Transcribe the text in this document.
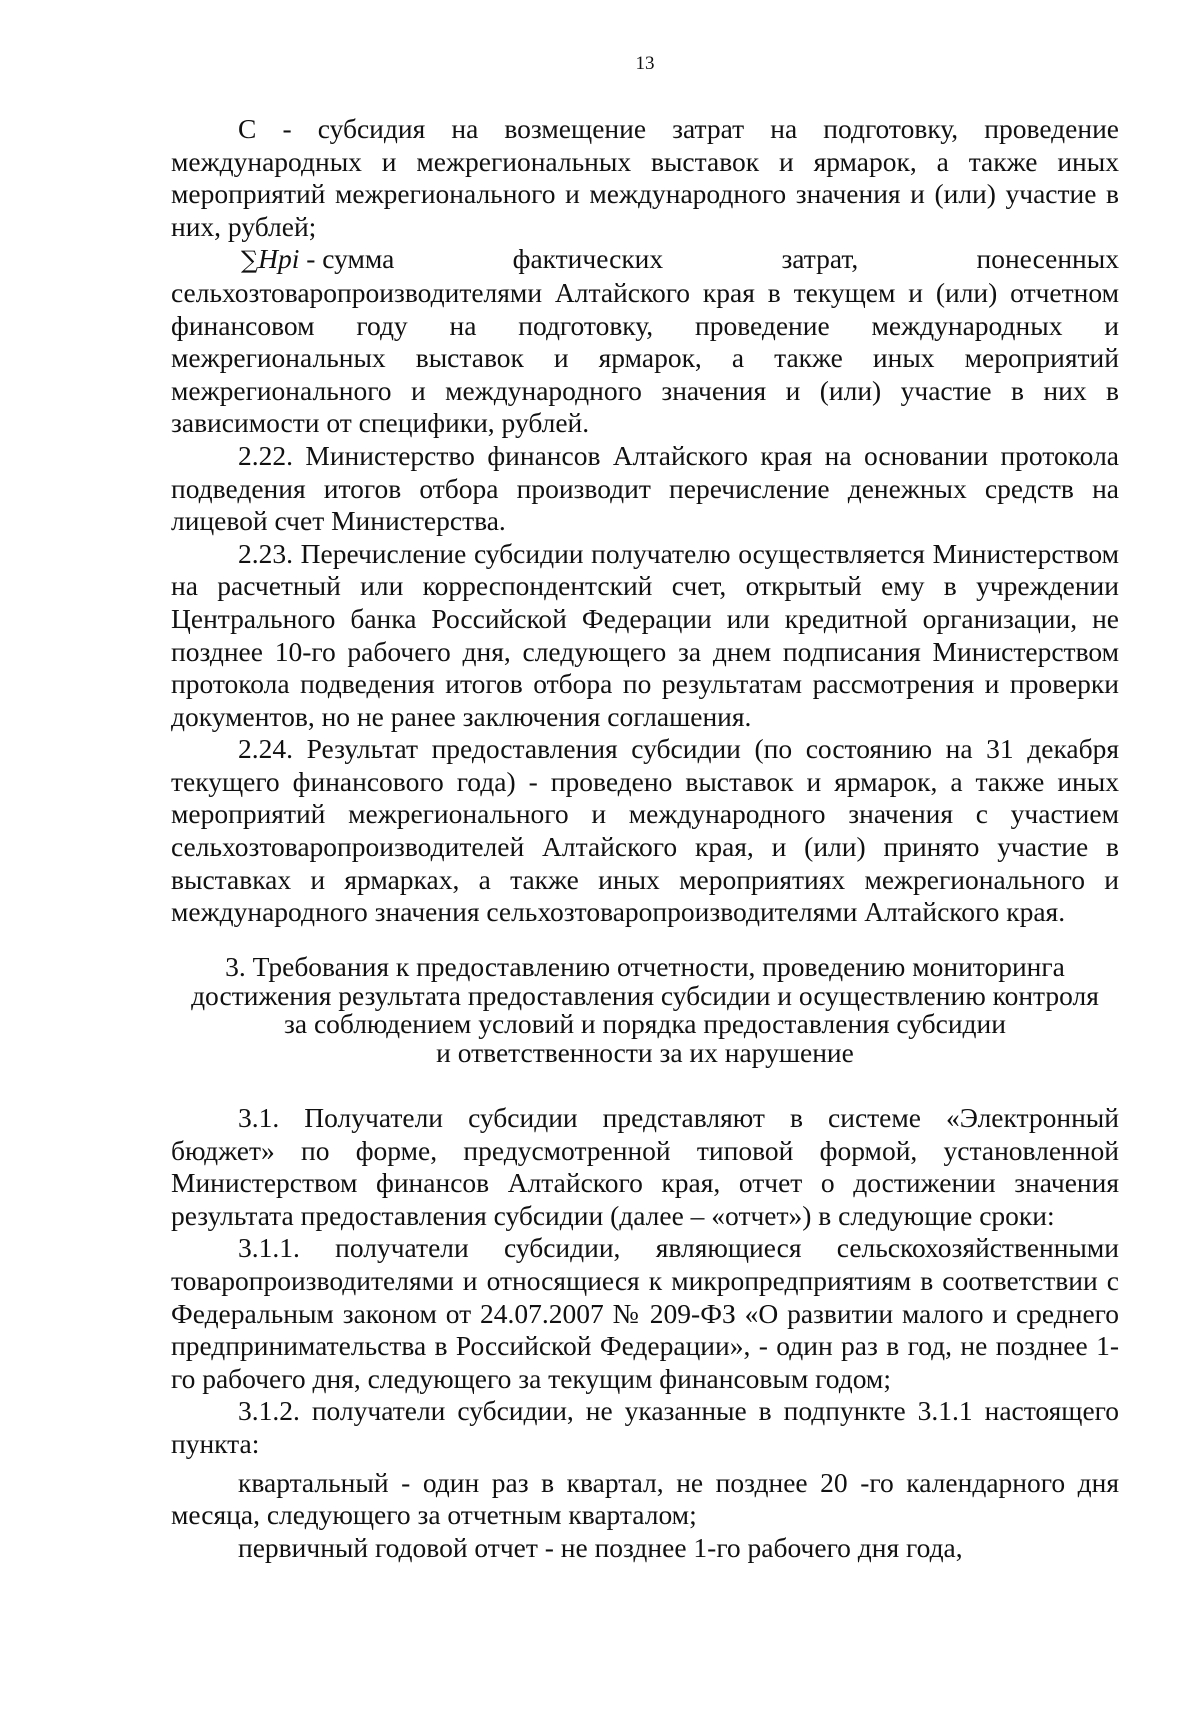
13

С - субсидия на возмещение затрат на подготовку, проведение международных и межрегиональных выставок и ярмарок, а также иных мероприятий межрегионального и международного значения и (или) участие в них, рублей;

∑Hpi - сумма	фактических	затрат,	понесенных

сельхозтоваропроизводителями Алтайского края в текущем и (или) отчетном финансовом году на подготовку, проведение международных и межрегиональных выставок и ярмарок, а также иных мероприятий межрегионального и международного значения и (или) участие в них в зависимости от специфики, рублей.

2.22. Министерство финансов Алтайского края на основании протокола подведения итогов отбора производит перечисление денежных средств на лицевой счет Министерства.

2.23. Перечисление субсидии получателю осуществляется Министерством на расчетный или корреспондентский счет, открытый ему в учреждении Центрального банка Российской Федерации или кредитной организации, не позднее 10-го рабочего дня, следующего за днем подписания Министерством протокола подведения итогов отбора по результатам рассмотрения и проверки документов, но не ранее заключения соглашения.

2.24. Результат предоставления субсидии (по состоянию на 31 декабря текущего финансового года) - проведено выставок и ярмарок, а также иных мероприятий межрегионального и международного значения с участием сельхозтоваропроизводителей Алтайского края, и (или) принято участие в выставках и ярмарках, а также иных мероприятиях межрегионального и международного значения сельхозтоваропроизводителями Алтайского края.

3. Требования к предоставлению отчетности, проведению мониторинга

достижения результата предоставления субсидии и осуществлению контроля

за соблюдением условий и порядка предоставления субсидии

и ответственности за их нарушение

3.1. Получатели субсидии представляют в системе «Электронный бюджет» по форме, предусмотренной типовой формой, установленной Министерством финансов Алтайского края, отчет о достижении значения результата предоставления субсидии (далее – «отчет») в следующие сроки:

3.1.1. получатели субсидии, являющиеся сельскохозяйственными товаропроизводителями и относящиеся к микропредприятиям в соответствии с Федеральным законом от 24.07.2007 № 209-ФЗ «О развитии малого и среднего предпринимательства в Российской Федерации», - один раз в год, не позднее 1-го рабочего дня, следующего за текущим финансовым годом;

3.1.2. получатели субсидии, не указанные в подпункте 3.1.1 настоящего пункта:

квартальный - один раз в квартал, не позднее 20 -го календарного дня месяца, следующего за отчетным кварталом;

первичный годовой отчет - не позднее 1-го рабочего дня года,
